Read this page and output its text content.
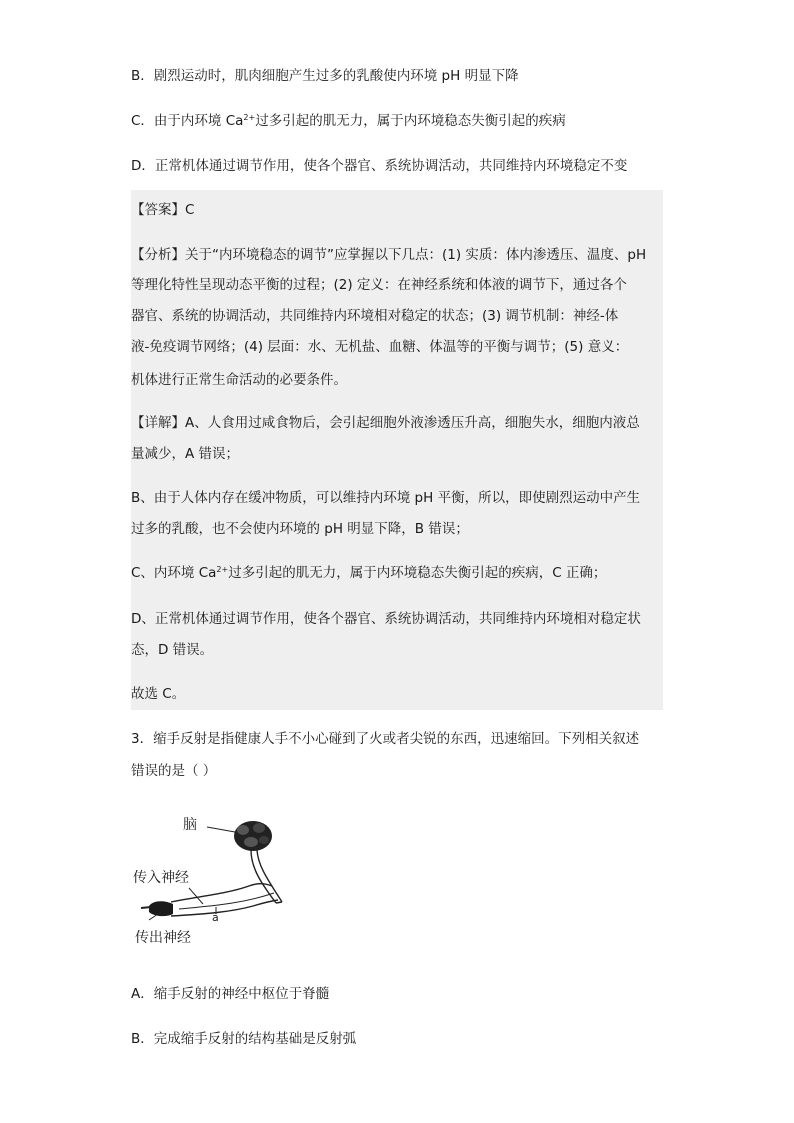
B．剧烈运动时，肌肉细胞产生过多的乳酸使内环境 pH 明显下降
C．由于内环境 $Ca^{2+}$过多引起的肌无力，属于内环境稳态失衡引起的疾病
D．正常机体通过调节作用，使各个器官、系统协调活动，共同维持内环境稳定不变
【答案】C
【分析】关于“内环境稳态的调节”应掌握以下几点：(1) 实质：体内渗透压、温度、pH
等理化特性呈现动态平衡的过程；(2) 定义：在神经系统和体液的调节下，通过各个
器官、系统的协调活动，共同维持内环境相对稳定的状态；(3) 调节机制：神经-体
液-免疫调节网络；(4) 层面：水、无机盐、血糖、体温等的平衡与调节；(5) 意义：
机体进行正常生命活动的必要条件。
【详解】A、人食用过咸食物后，会引起细胞外液渗透压升高，细胞失水，细胞内液总
量减少，A 错误；
B、由于人体内存在缓冲物质，可以维持内环境 pH 平衡，所以，即使剧烈运动中产生
过多的乳酸，也不会使内环境的 pH 明显下降，B 错误；
C、内环境 $Ca^{2+}$过多引起的肌无力，属于内环境稳态失衡引起的疾病，C 正确；
D、正常机体通过调节作用，使各个器官、系统协调活动，共同维持内环境相对稳定状
态，D 错误。
故选 C。
3．缩手反射是指健康人手不小心碰到了火或者尖锐的东西，迅速缩回。下列相关叙述
错误的是（ ）
脑
传入神经
a
传出神经
A．缩手反射的神经中枢位于脊髓
B．完成缩手反射的结构基础是反射弧
